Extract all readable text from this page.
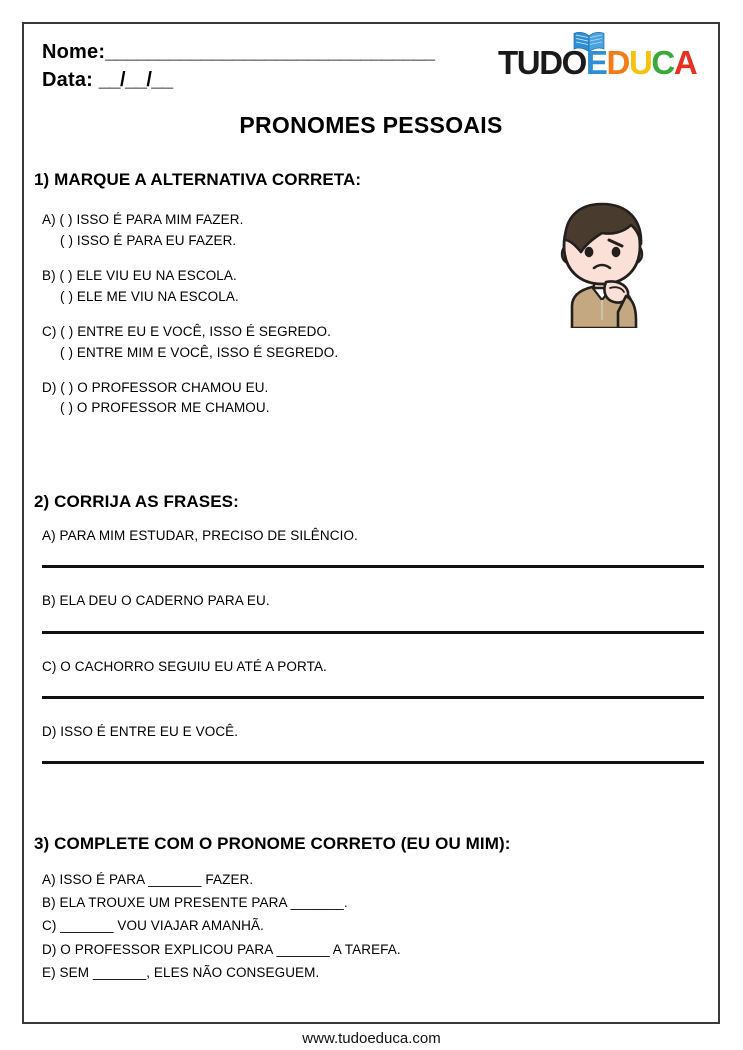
Nome:_______________________________
Data: __/__/__	TUDOEDUCA
PRONOMES PESSOAIS
1) MARQUE A ALTERNATIVA CORRETA:
A) ( ) ISSO É PARA MIM FAZER.
( ) ISSO É PARA EU FAZER.
B) ( ) ELE VIU EU NA ESCOLA.
( ) ELE ME VIU NA ESCOLA.
C) ( ) ENTRE EU E VOCÊ, ISSO É SEGREDO.
( ) ENTRE MIM E VOCÊ, ISSO É SEGREDO.
D) ( ) O PROFESSOR CHAMOU EU.
( ) O PROFESSOR ME CHAMOU.
2) CORRIJA AS FRASES:
A) PARA MIM ESTUDAR, PRECISO DE SILÊNCIO.
B) ELA DEU O CADERNO PARA EU.
C) O CACHORRO SEGUIU EU ATÉ A PORTA.
D) ISSO É ENTRE EU E VOCÊ.
3) COMPLETE COM O PRONOME CORRETO (EU OU MIM):
A) ISSO É PARA _______ FAZER.
B) ELA TROUXE UM PRESENTE PARA _______.
C) _______ VOU VIAJAR AMANHÃ.
D) O PROFESSOR EXPLICOU PARA _______ A TAREFA.
E) SEM _______, ELES NÃO CONSEGUEM.
www.tudoeduca.com
